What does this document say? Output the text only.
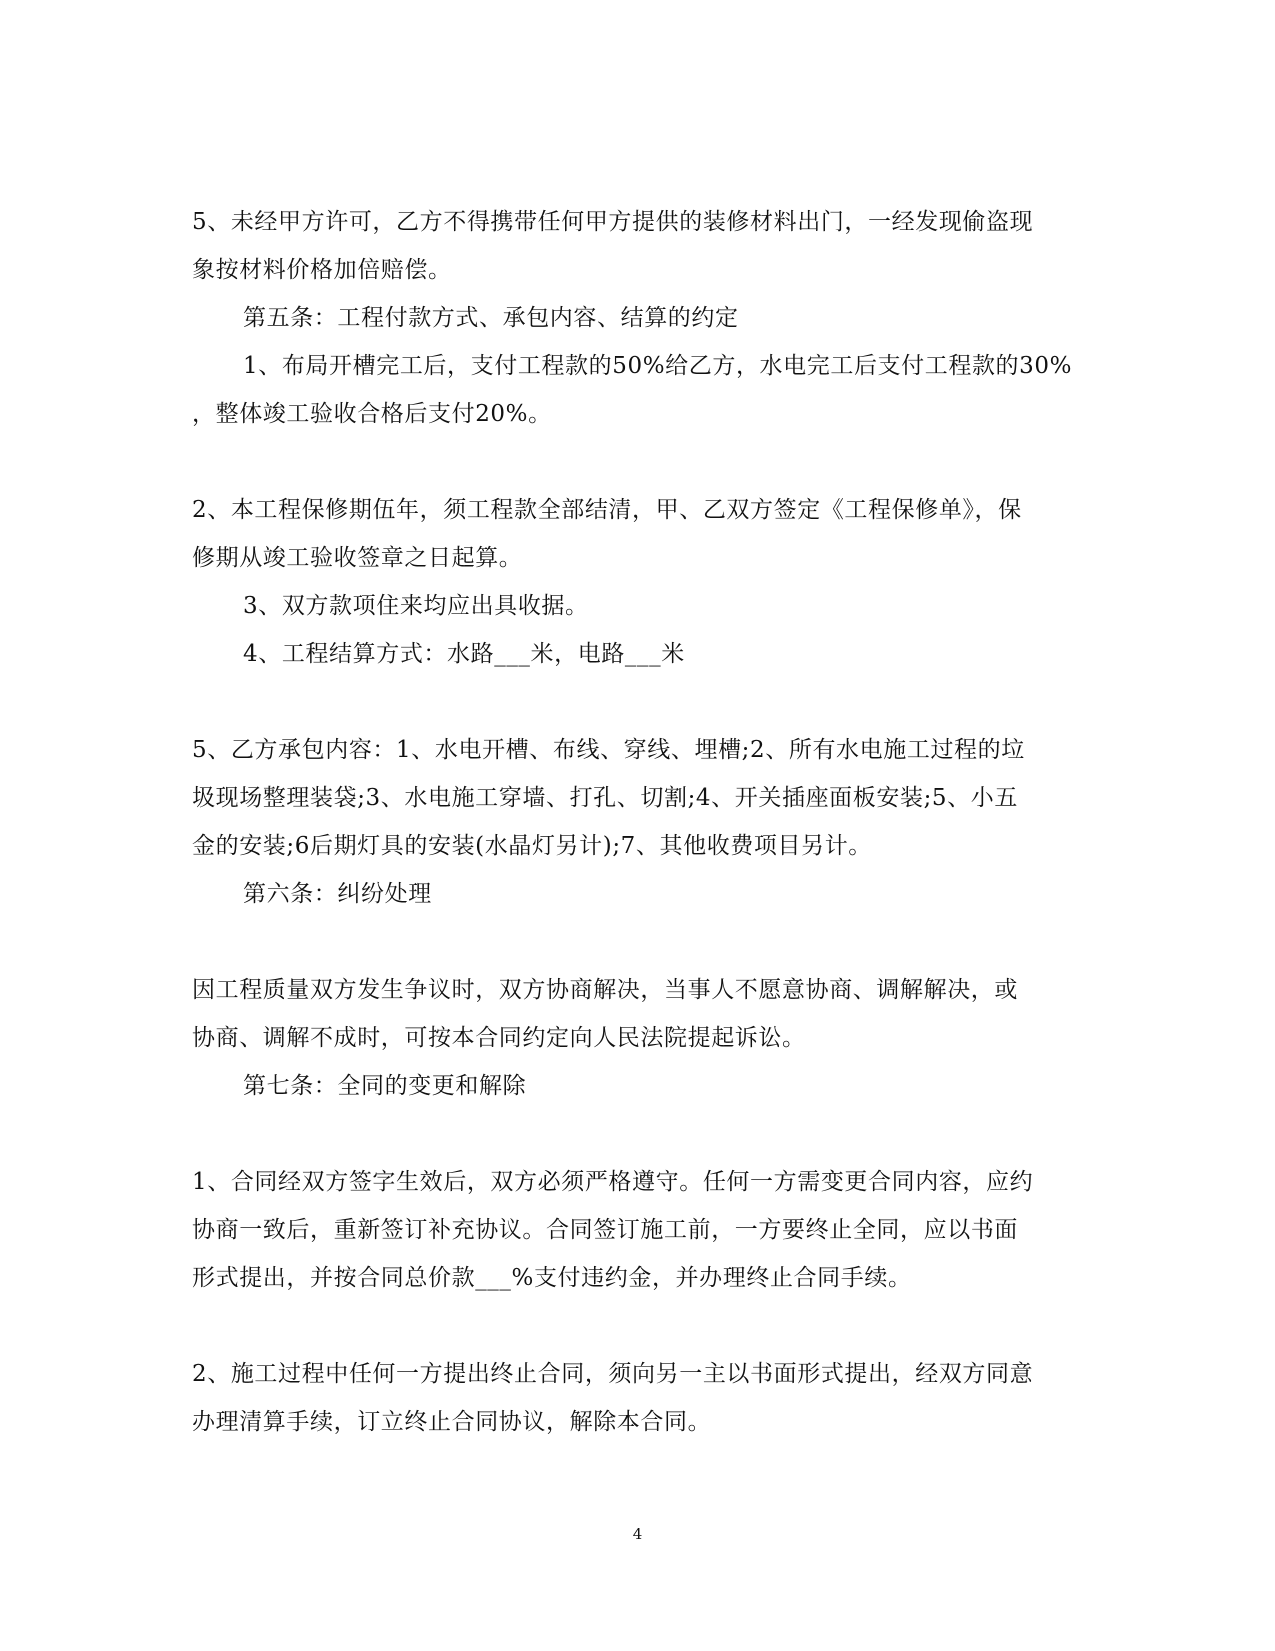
5、未经甲方许可，乙方不得携带任何甲方提供的装修材料出门，一经发现偷盗现
象按材料价格加倍赔偿。
第五条：工程付款方式、承包内容、结算的约定
1、布局开槽完工后，支付工程款的50%给乙方，水电完工后支付工程款的30%
，整体竣工验收合格后支付20%。
2、本工程保修期伍年，须工程款全部结清，甲、乙双方签定《工程保修单》，保
修期从竣工验收签章之日起算。
3、双方款项住来均应出具收据。
4、工程结算方式：水路___米，电路___米
5、乙方承包内容：1、水电开槽、布线、穿线、埋槽;2、所有水电施工过程的垃
圾现场整理装袋;3、水电施工穿墙、打孔、切割;4、开关插座面板安装;5、小五
金的安装;6后期灯具的安装(水晶灯另计);7、其他收费项目另计。
第六条：纠纷处理
因工程质量双方发生争议时，双方协商解决，当事人不愿意协商、调解解决，或
协商、调解不成时，可按本合同约定向人民法院提起诉讼。
第七条：全同的变更和解除
1、合同经双方签字生效后，双方必须严格遵守。任何一方需变更合同内容，应约
协商一致后，重新签订补充协议。合同签订施工前，一方要终止全同，应以书面
形式提出，并按合同总价款___%支付违约金，并办理终止合同手续。
2、施工过程中任何一方提出终止合同，须向另一主以书面形式提出，经双方同意
办理清算手续，订立终止合同协议，解除本合同。
4
